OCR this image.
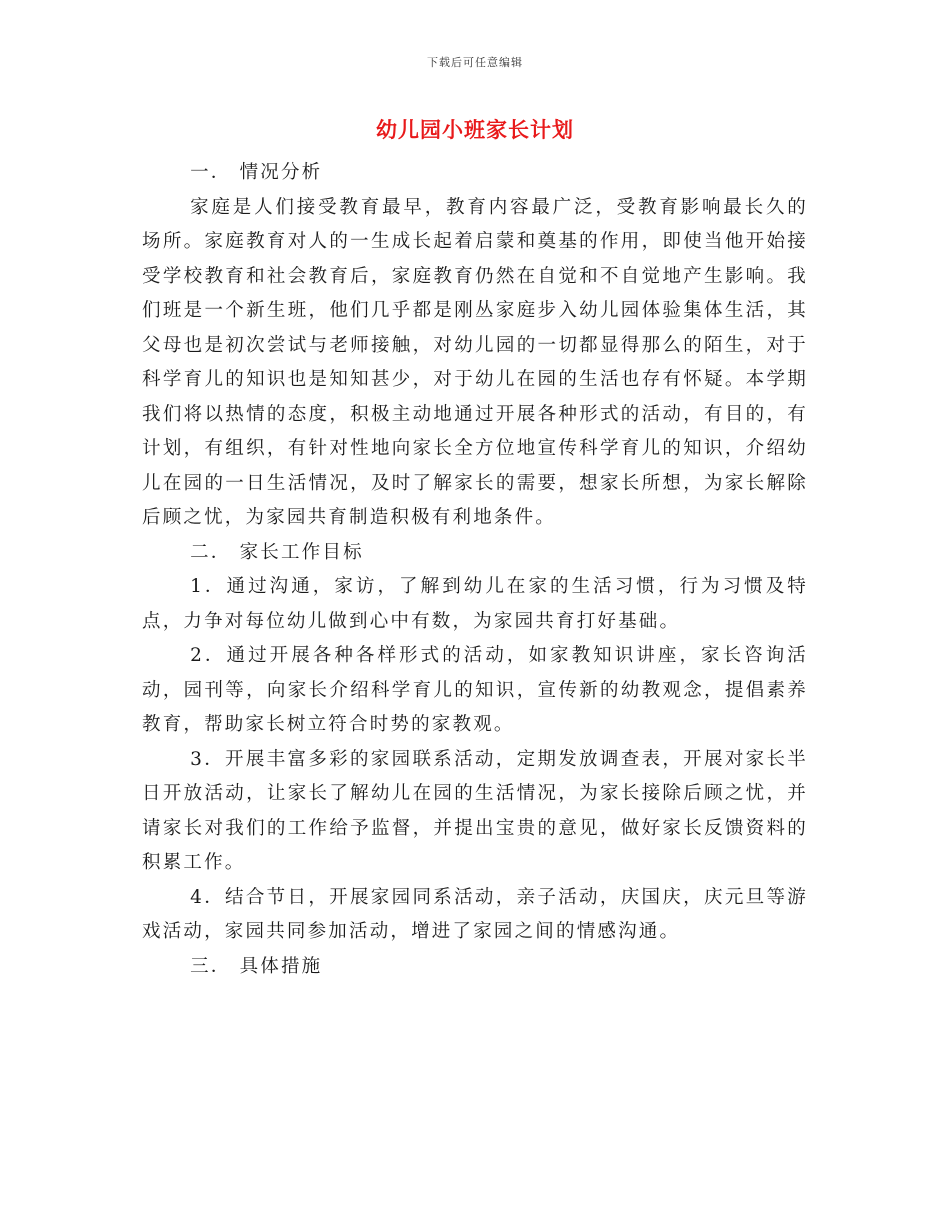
下载后可任意编辑
幼儿园小班家长计划

一． 情况分析

家庭是人们接受教育最早，教育内容最广泛，受教育影响最长久的场所。家庭教育对人的一生成长起着启蒙和奠基的作用，即使当他开始接受学校教育和社会教育后，家庭教育仍然在自觉和不自觉地产生影响。我们班是一个新生班，他们几乎都是刚丛家庭步入幼儿园体验集体生活，其父母也是初次尝试与老师接触，对幼儿园的一切都显得那么的陌生，对于科学育儿的知识也是知知甚少，对于幼儿在园的生活也存有怀疑。本学期我们将以热情的态度，积极主动地通过开展各种形式的活动，有目的，有计划，有组织，有针对性地向家长全方位地宣传科学育儿的知识，介绍幼儿在园的一日生活情况，及时了解家长的需要，想家长所想，为家长解除后顾之忧，为家园共育制造积极有利地条件。

二． 家长工作目标

1．通过沟通，家访，了解到幼儿在家的生活习惯，行为习惯及特点，力争对每位幼儿做到心中有数，为家园共育打好基础。

2．通过开展各种各样形式的活动，如家教知识讲座，家长咨询活动，园刊等，向家长介绍科学育儿的知识，宣传新的幼教观念，提倡素养教育，帮助家长树立符合时势的家教观。

3．开展丰富多彩的家园联系活动，定期发放调查表，开展对家长半日开放活动，让家长了解幼儿在园的生活情况，为家长接除后顾之忧，并请家长对我们的工作给予监督，并提出宝贵的意见，做好家长反馈资料的积累工作。

4．结合节日，开展家园同系活动，亲子活动，庆国庆，庆元旦等游戏活动，家园共同参加活动，增进了家园之间的情感沟通。

三． 具体措施
